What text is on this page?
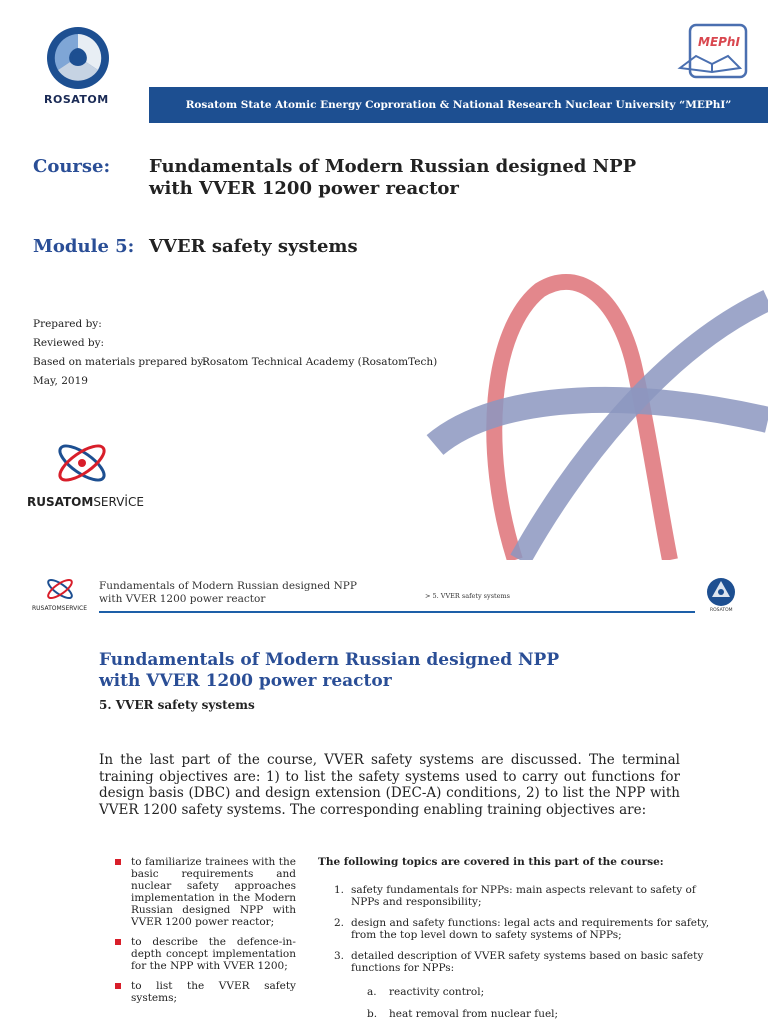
ROSATOM
MEPhI
Rosatom State Atomic Energy Coproration & National Research Nuclear University “MEPhI”
Course: Fundamentals of Modern Russian designed NPP with VVER 1200 power reactor
Module 5: VVER safety systems
Prepared by:
Reviewed by:
Based on materials prepared by:
Rosatom Technical Academy (RosatomTech)
May, 2019
RUSATOMSERVİCE
RUSATOMSERVICE
Fundamentals of Modern Russian designed NPP with VVER 1200 power reactor	> 5. VVER safety systems
ROSATOM
Fundamentals of Modern Russian designed NPP with VVER 1200 power reactor
5. VVER safety systems
In the last part of the course, VVER safety systems are discussed. The terminal training objectives are: 1) to list the safety systems used to carry out functions for design basis (DBC) and design extension (DEC-A) conditions, 2) to list the NPP with VVER 1200 safety systems. The corresponding enabling training objectives are:
to familiarize trainees with the basic requirements and nuclear safety approaches implementation in the Modern Russian designed NPP with VVER 1200 power reactor;
to describe the defence-in-depth concept implementation for the NPP with VVER 1200;
to list the VVER safety systems;
The following topics are covered in this part of the course:
1. safety fundamentals for NPPs: main aspects relevant to safety of NPPs and responsibility;
2. design and safety functions: legal acts and requirements for safety, from the top level down to safety systems of NPPs;
3. detailed description of VVER safety systems based on basic safety functions for NPPs:
a. reactivity control;
b. heat removal from nuclear fuel;
